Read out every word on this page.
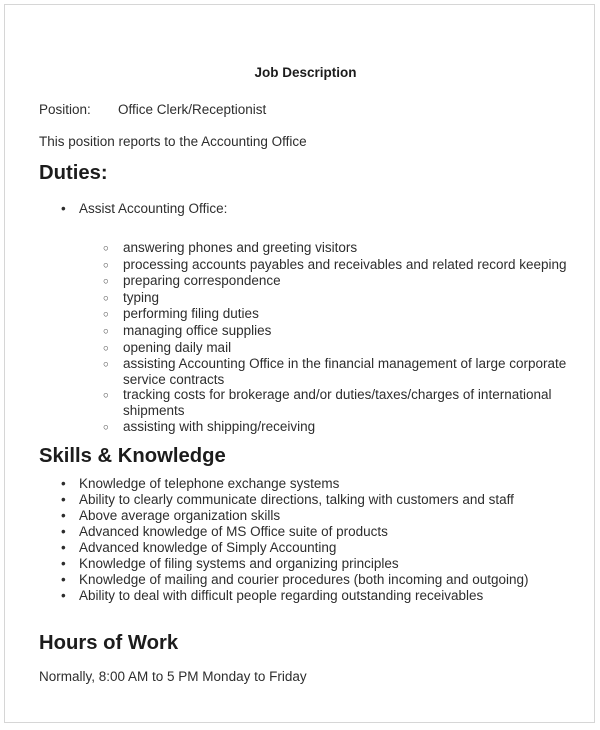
Job Description
Position:	Office Clerk/Receptionist

This position reports to the Accounting Office

Duties:
• Assist Accounting Office:
○	answering phones and greeting visitors
○	processing accounts payables and receivables and related record keeping
○	preparing correspondence
○	typing
○	performing filing duties
○	managing office supplies
○	opening daily mail
○	assisting Accounting Office in the financial management of large corporate service contracts
○	tracking costs for brokerage and/or duties/taxes/charges of international shipments
○	assisting with shipping/receiving
Skills & Knowledge
• Knowledge of telephone exchange systems
• Ability to clearly communicate directions, talking with customers and staff
• Above average organization skills
• Advanced knowledge of MS Office suite of products
• Advanced knowledge of Simply Accounting
• Knowledge of filing systems and organizing principles
• Knowledge of mailing and courier procedures (both incoming and outgoing)
• Ability to deal with difficult people regarding outstanding receivables
Hours of Work

Normally, 8:00 AM to 5 PM Monday to Friday
